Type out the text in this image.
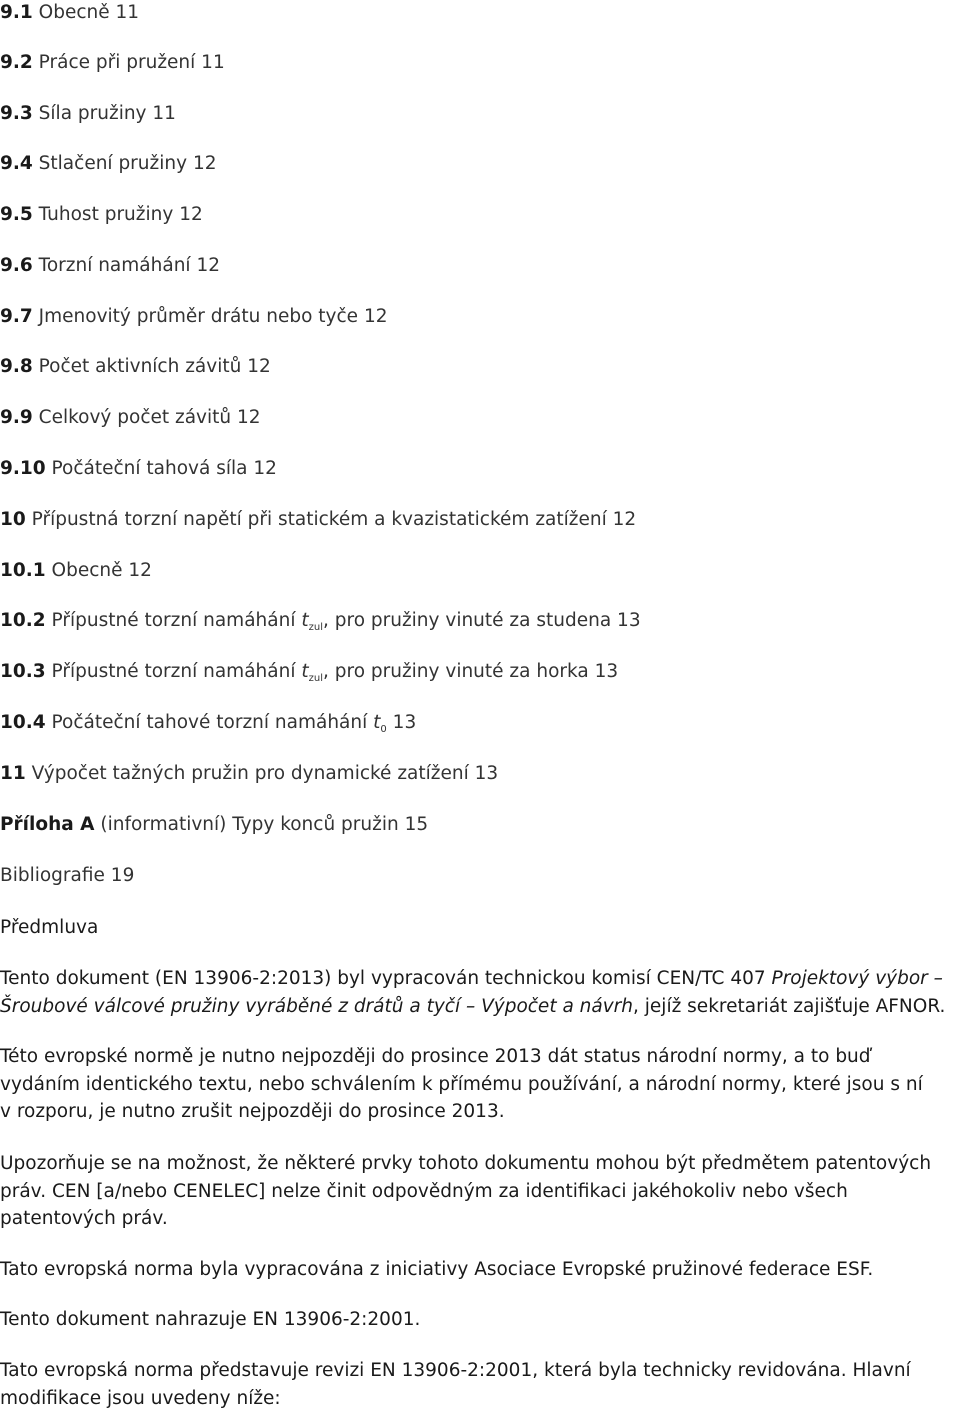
9.1 Obecně 11
9.2 Práce při pružení 11
9.3 Síla pružiny 11
9.4 Stlačení pružiny 12
9.5 Tuhost pružiny 12
9.6 Torzní namáhání 12
9.7 Jmenovitý průměr drátu nebo tyče 12
9.8 Počet aktivních závitů 12
9.9 Celkový počet závitů 12
9.10 Počáteční tahová síla 12
10 Přípustná torzní napětí při statickém a kvazistatickém zatížení 12
10.1 Obecně 12
10.2 Přípustné torzní namáhání $t_{zul}$, pro pružiny vinuté za studena 13
10.3 Přípustné torzní namáhání $t_{zul}$, pro pružiny vinuté za horka 13
10.4 Počáteční tahové torzní namáhání $t_0$ 13
11 Výpočet tažných pružin pro dynamické zatížení 13
Příloha A (informativní) Typy konců pružin 15
Bibliografie 19
Předmluva
Tento dokument (EN 13906-2:2013) byl vypracován technickou komisí CEN/TC 407 Projektový výbor –
Šroubové válcové pružiny vyráběné z drátů a tyčí – Výpočet a návrh, jejíž sekretariát zajišťuje AFNOR.
Této evropské normě je nutno nejpozději do prosince 2013 dát status národní normy, a to buď
vydáním identického textu, nebo schválením k přímému používání, a národní normy, které jsou s ní
v rozporu, je nutno zrušit nejpozději do prosince 2013.
Upozorňuje se na možnost, že některé prvky tohoto dokumentu mohou být předmětem patentových
práv. CEN [a/nebo CENELEC] nelze činit odpovědným za identifikaci jakéhokoliv nebo všech
patentových práv.
Tato evropská norma byla vypracována z iniciativy Asociace Evropské pružinové federace ESF.
Tento dokument nahrazuje EN 13906-2:2001.
Tato evropská norma představuje revizi EN 13906-2:2001, která byla technicky revidována. Hlavní
modifikace jsou uvedeny níže:
